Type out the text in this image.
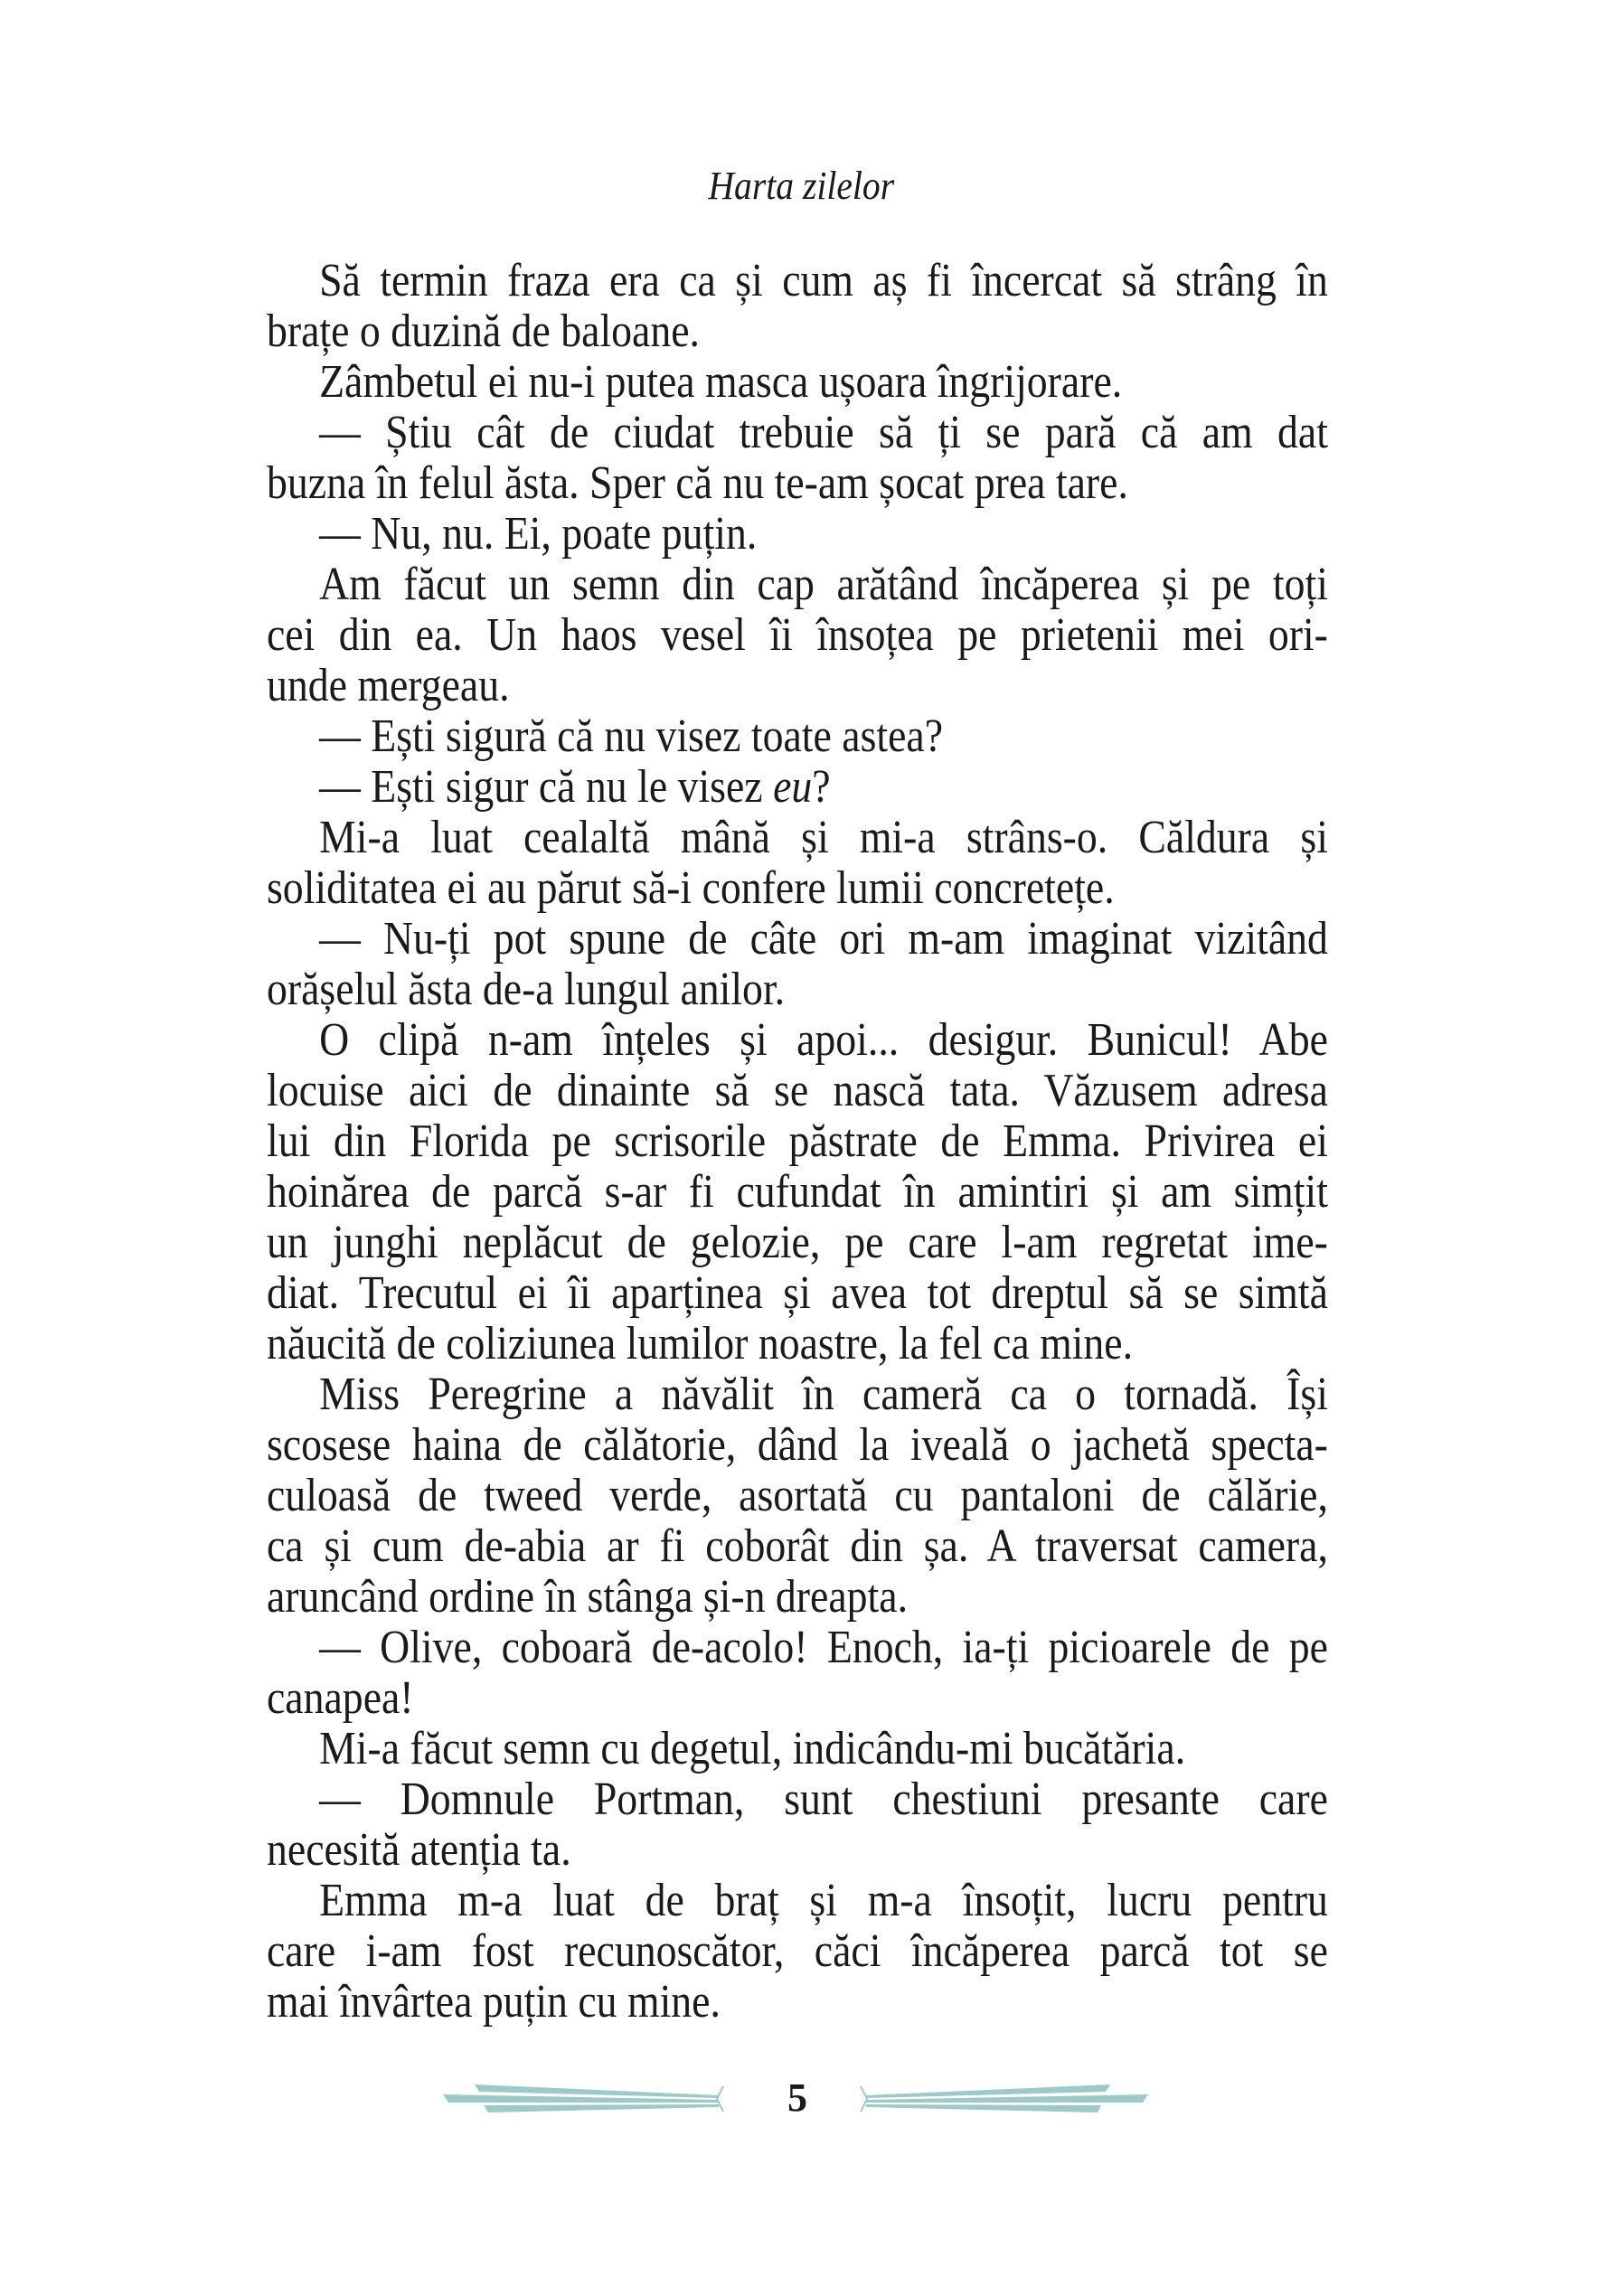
Harta zilelor
Să termin fraza era ca și cum aș fi încercat să strâng în
brațe o duzină de baloane.
Zâmbetul ei nu-i putea masca ușoara îngrijorare.
— Știu cât de ciudat trebuie să ți se pară că am dat
buzna în felul ăsta. Sper că nu te-am șocat prea tare.
— Nu, nu. Ei, poate puțin.
Am făcut un semn din cap arătând încăperea și pe toți
cei din ea. Un haos vesel îi însoțea pe prietenii mei ori-
unde mergeau.
— Ești sigură că nu visez toate astea?
— Ești sigur că nu le visez eu?
Mi-a luat cealaltă mână și mi-a strâns-o. Căldura și
soliditatea ei au părut să-i confere lumii concretețe.
— Nu-ți pot spune de câte ori m-am imaginat vizitând
orășelul ăsta de-a lungul anilor.
O clipă n-am înțeles și apoi... desigur. Bunicul! Abe
locuise aici de dinainte să se nască tata. Văzusem adresa
lui din Florida pe scrisorile păstrate de Emma. Privirea ei
hoinărea de parcă s-ar fi cufundat în amintiri și am simțit
un junghi neplăcut de gelozie, pe care l-am regretat ime-
diat. Trecutul ei îi aparținea și avea tot dreptul să se simtă
năucită de coliziunea lumilor noastre, la fel ca mine.
Miss Peregrine a năvălit în cameră ca o tornadă. Își
scosese haina de călătorie, dând la iveală o jachetă specta-
culoasă de tweed verde, asortată cu pantaloni de călărie,
ca și cum de-abia ar fi coborât din șa. A traversat camera,
aruncând ordine în stânga și-n dreapta.
— Olive, coboară de-acolo! Enoch, ia-ți picioarele de pe
canapea!
Mi-a făcut semn cu degetul, indicându-mi bucătăria.
— Domnule Portman, sunt chestiuni presante care
necesită atenția ta.
Emma m-a luat de braț și m-a însoțit, lucru pentru
care i-am fost recunoscător, căci încăperea parcă tot se
mai învârtea puțin cu mine.
5
